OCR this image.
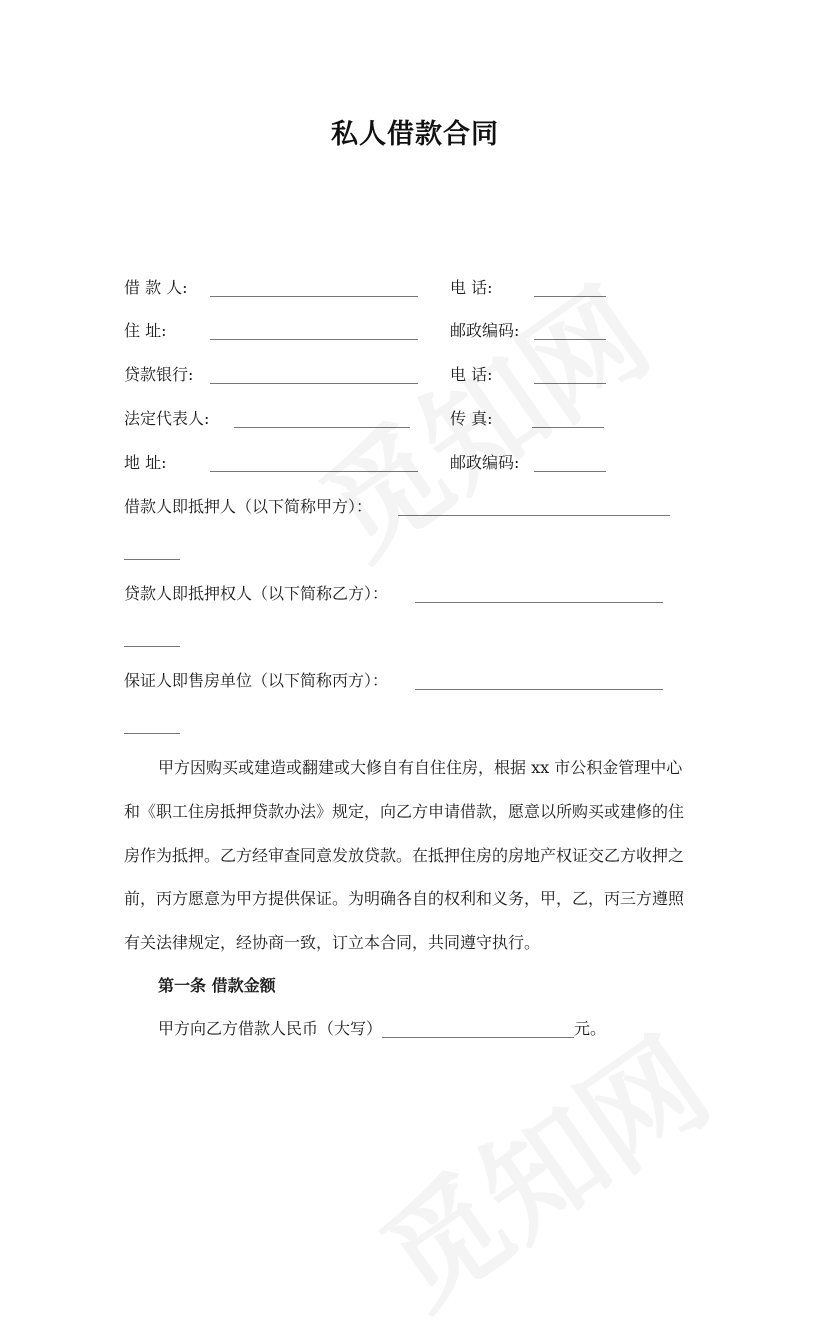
私人借款合同
借 款 人: __________________________ 电 话:	_________
住 址:	__________________________ 邮政编码: _________
贷款银行: __________________________ 电 话:	_________
法定代表人: ______________________	传 真: _________
地 址:	__________________________ 邮政编码: _________
借款人即抵押人（以下简称甲方）： __________________________________
_______
贷款人即抵押权人（以下简称乙方）： _______________________________
_______
保证人即售房单位（以下简称丙方）： _______________________________
_______
甲方因购买或建造或翻建或大修自有自住住房，根据 xx 市公积金管理中心
和《职工住房抵押贷款办法》规定，向乙方申请借款，愿意以所购买或建修的住
房作为抵押。乙方经审查同意发放贷款。在抵押住房的房地产权证交乙方收押之
前，丙方愿意为甲方提供保证。为明确各自的权利和义务，甲，乙，丙三方遵照
有关法律规定，经协商一致，订立本合同，共同遵守执行。
第一条 借款金额
甲方向乙方借款人民币（大写）________________________元。
